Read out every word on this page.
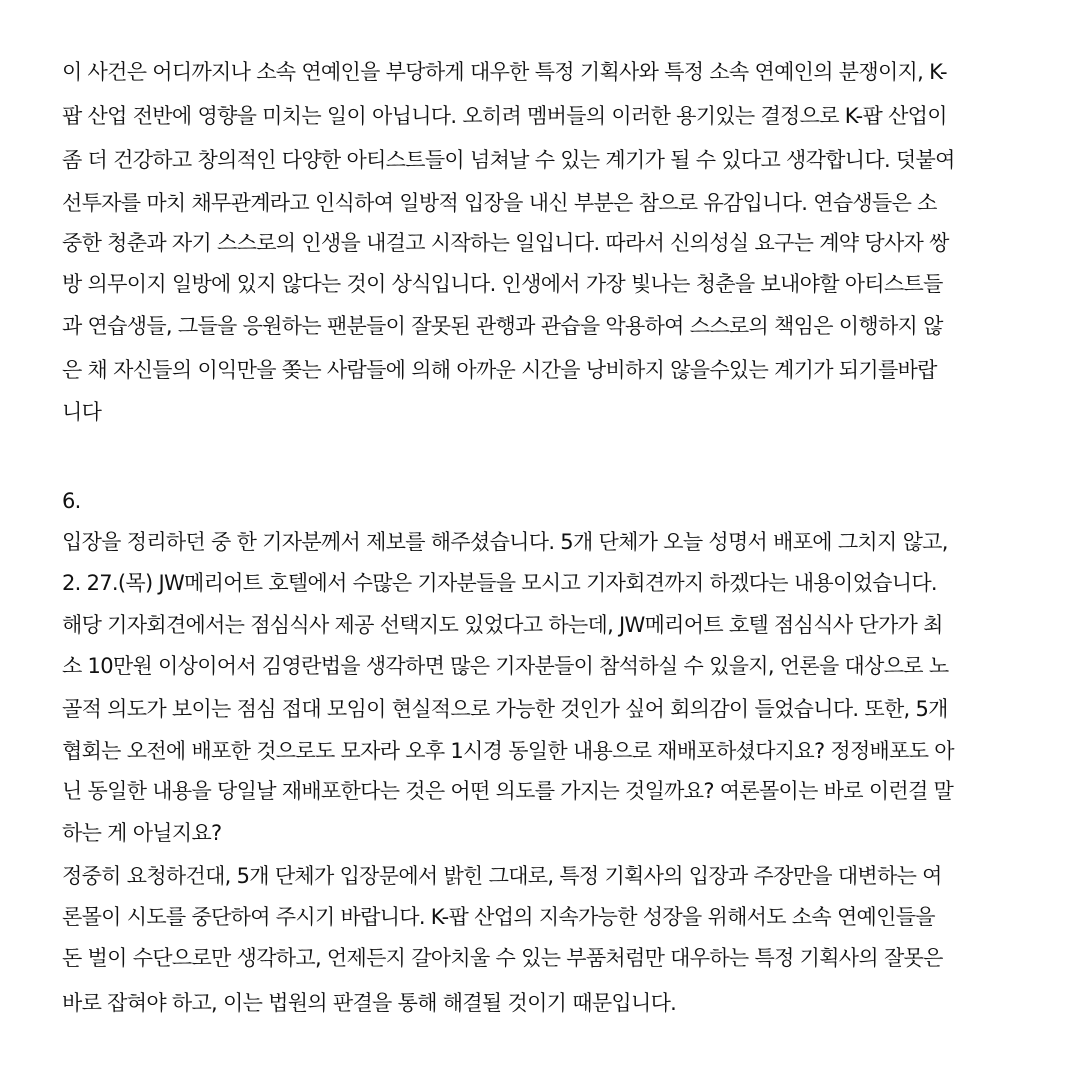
이 사건은 어디까지나 소속 연예인을 부당하게 대우한 특정 기획사와 특정 소속 연예인의 분쟁이지, K-
팝 산업 전반에 영향을 미치는 일이 아닙니다. 오히려 멤버들의 이러한 용기있는 결정으로 K-팝 산업이
좀 더 건강하고 창의적인 다양한 아티스트들이 넘쳐날 수 있는 계기가 될 수 있다고 생각합니다. 덧붙여
선투자를 마치 채무관계라고 인식하여 일방적 입장을 내신 부분은 참으로 유감입니다. 연습생들은 소
중한 청춘과 자기 스스로의 인생을 내걸고 시작하는 일입니다. 따라서 신의성실 요구는 계약 당사자 쌍
방 의무이지 일방에 있지 않다는 것이 상식입니다. 인생에서 가장 빛나는 청춘을 보내야할 아티스트들
과 연습생들, 그들을 응원하는 팬분들이 잘못된 관행과 관습을 악용하여 스스로의 책임은 이행하지 않
은 채 자신들의 이익만을 쫒는 사람들에 의해 아까운 시간을 낭비하지 않을수있는 계기가 되기를바랍
니다
6.
입장을 정리하던 중 한 기자분께서 제보를 해주셨습니다. 5개 단체가 오늘 성명서 배포에 그치지 않고,
2. 27.(목) JW메리어트 호텔에서 수많은 기자분들을 모시고 기자회견까지 하겠다는 내용이었습니다.
해당 기자회견에서는 점심식사 제공 선택지도 있었다고 하는데, JW메리어트 호텔 점심식사 단가가 최
소 10만원 이상이어서 김영란법을 생각하면 많은 기자분들이 참석하실 수 있을지, 언론을 대상으로 노
골적 의도가 보이는 점심 접대 모임이 현실적으로 가능한 것인가 싶어 회의감이 들었습니다. 또한, 5개
협회는 오전에 배포한 것으로도 모자라 오후 1시경 동일한 내용으로 재배포하셨다지요? 정정배포도 아
닌 동일한 내용을 당일날 재배포한다는 것은 어떤 의도를 가지는 것일까요? 여론몰이는 바로 이런걸 말
하는 게 아닐지요?
정중히 요청하건대, 5개 단체가 입장문에서 밝힌 그대로, 특정 기획사의 입장과 주장만을 대변하는 여
론몰이 시도를 중단하여 주시기 바랍니다. K-팝 산업의 지속가능한 성장을 위해서도 소속 연예인들을
돈 벌이 수단으로만 생각하고, 언제든지 갈아치울 수 있는 부품처럼만 대우하는 특정 기획사의 잘못은
바로 잡혀야 하고, 이는 법원의 판결을 통해 해결될 것이기 때문입니다.
